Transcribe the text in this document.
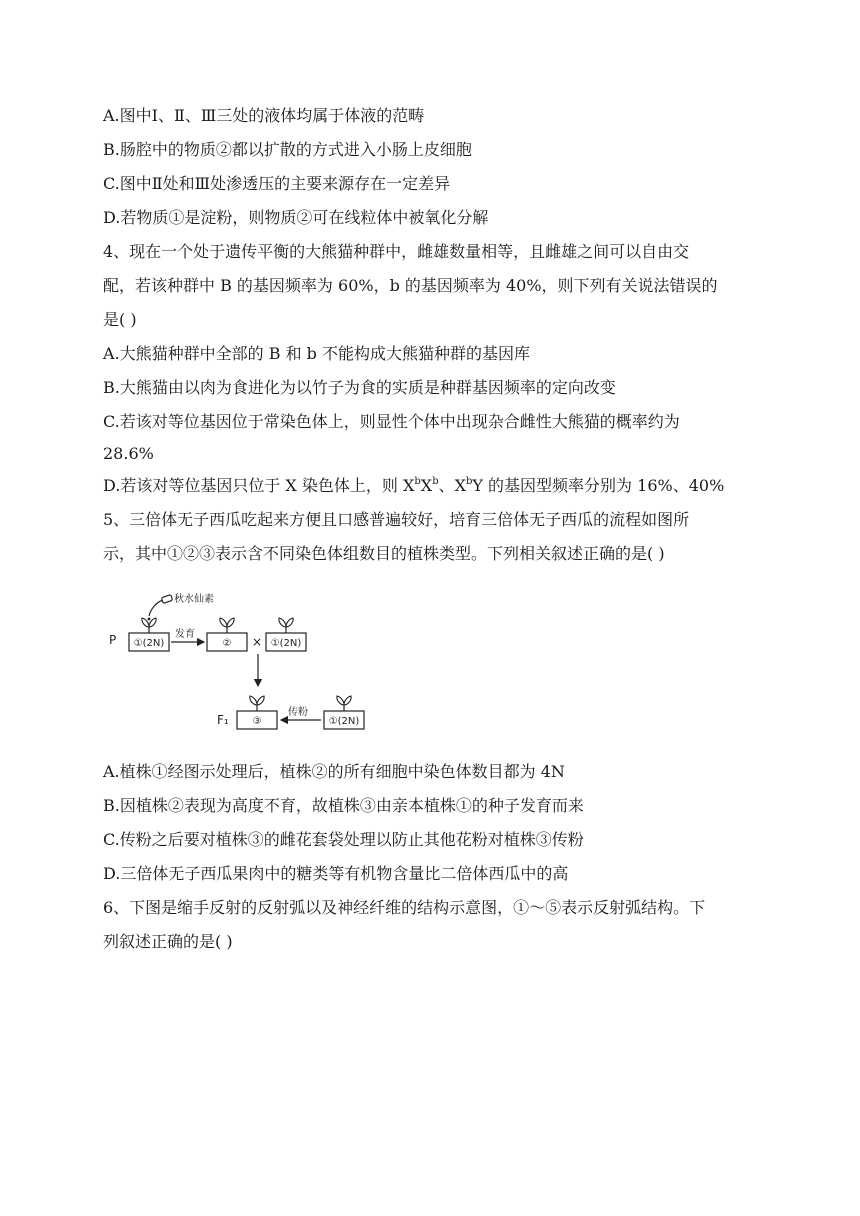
A.图中Ⅰ、Ⅱ、Ⅲ三处的液体均属于体液的范畴
B.肠腔中的物质②都以扩散的方式进入小肠上皮细胞
C.图中Ⅱ处和Ⅲ处渗透压的主要来源存在一定差异
D.若物质①是淀粉，则物质②可在线粒体中被氧化分解
4、现在一个处于遗传平衡的大熊猫种群中，雌雄数量相等，且雌雄之间可以自由交
配，若该种群中 B 的基因频率为 60%，b 的基因频率为 40%，则下列有关说法错误的
是( )
A.大熊猫种群中全部的 B 和 b 不能构成大熊猫种群的基因库
B.大熊猫由以肉为食进化为以竹子为食的实质是种群基因频率的定向改变
C.若该对等位基因位于常染色体上，则显性个体中出现杂合雌性大熊猫的概率约为
28.6%
D.若该对等位基因只位于 X 染色体上，则 $X^bX^b$、$X^bY$ 的基因型频率分别为 16%、40%
5、三倍体无子西瓜吃起来方便且口感普遍较好，培育三倍体无子西瓜的流程如图所
示，其中①②③表示含不同染色体组数目的植株类型。下列相关叙述正确的是( )
P ①(2N)
秋水仙素
发育
② × ①(2N)
F₁ ③
传粉
①(2N)
A.植株①经图示处理后，植株②的所有细胞中染色体数目都为 4N
B.因植株②表现为高度不育，故植株③由亲本植株①的种子发育而来
C.传粉之后要对植株③的雌花套袋处理以防止其他花粉对植株③传粉
D.三倍体无子西瓜果肉中的糖类等有机物含量比二倍体西瓜中的高
6、下图是缩手反射的反射弧以及神经纤维的结构示意图，①～⑤表示反射弧结构。下
列叙述正确的是( )
